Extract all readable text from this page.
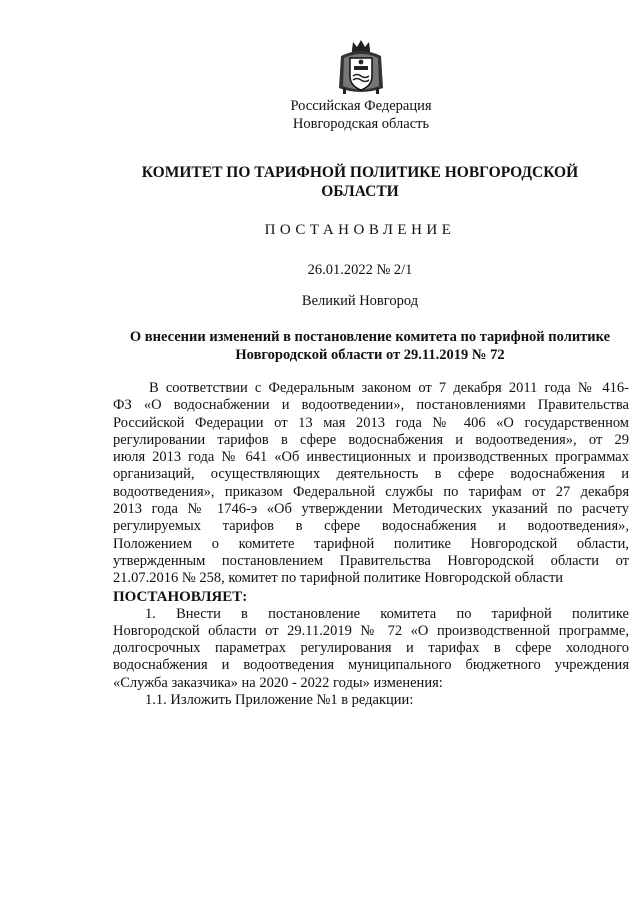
Российская Федерация
Новгородская область
КОМИТЕТ ПО ТАРИФНОЙ ПОЛИТИКЕ НОВГОРОДСКОЙ
ОБЛАСТИ
ПОСТАНОВЛЕНИЕ
26.01.2022 № 2/1
Великий Новгород
О внесении изменений в постановление комитета по тарифной политике
Новгородской области от 29.11.2019 № 72
В соответствии с Федеральным законом от 7 декабря 2011 года № 416-
ФЗ «О водоснабжении и водоотведении», постановлениями Правительства
Российской Федерации от 13 мая 2013 года № 406 «О государственном
регулировании тарифов в сфере водоснабжения и водоотведения», от 29
июля 2013 года № 641 «Об инвестиционных и производственных программах
организаций, осуществляющих деятельность в сфере водоснабжения и
водоотведения», приказом Федеральной службы по тарифам от 27 декабря
2013 года № 1746-э «Об утверждении Методических указаний по расчету
регулируемых тарифов в сфере водоснабжения и водоотведения»,
Положением о комитете тарифной политике Новгородской области,
утвержденным постановлением Правительства Новгородской области от
21.07.2016 № 258, комитет по тарифной политике Новгородской области
ПОСТАНОВЛЯЕТ:
1. Внести в постановление комитета по тарифной политике
Новгородской области от 29.11.2019 № 72 «О производственной программе,
долгосрочных параметрах регулирования и тарифах в сфере холодного
водоснабжения и водоотведения муниципального бюджетного учреждения
«Служба заказчика» на 2020 - 2022 годы» изменения:
1.1. Изложить Приложение №1 в редакции:
